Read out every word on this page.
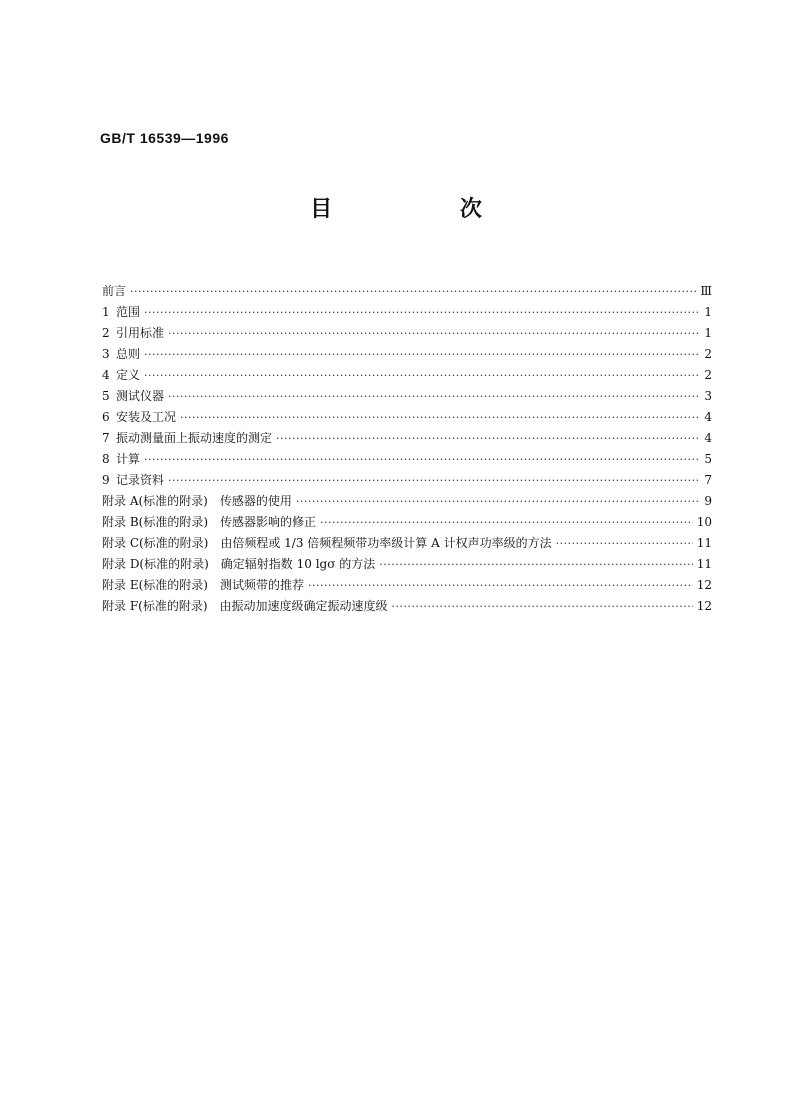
GB/T 16539—1996
目 次
前言 ·····	Ⅲ
1 范围 ·····	1
2 引用标准 ·····	1
3 总则 ·····	2
4 定义 ·····	2
5 测试仪器 ·····	3
6 安装及工况 ·····	4
7 振动测量面上振动速度的测定 ·····	4
8 计算 ·····	5
9 记录资料 ·····	7
附录 A(标准的附录)　传感器的使用 ·····	9
附录 B(标准的附录)　传感器影响的修正 ·····	10
附录 C(标准的附录)　由倍频程或 1/3 倍频程频带功率级计算 A 计权声功率级的方法 ·····	11
附录 D(标准的附录)　确定辐射指数 10 lgσ 的方法 ·····	11
附录 E(标准的附录)　测试频带的推荐 ·····	12
附录 F(标准的附录)　由振动加速度级确定振动速度级 ·····	12
